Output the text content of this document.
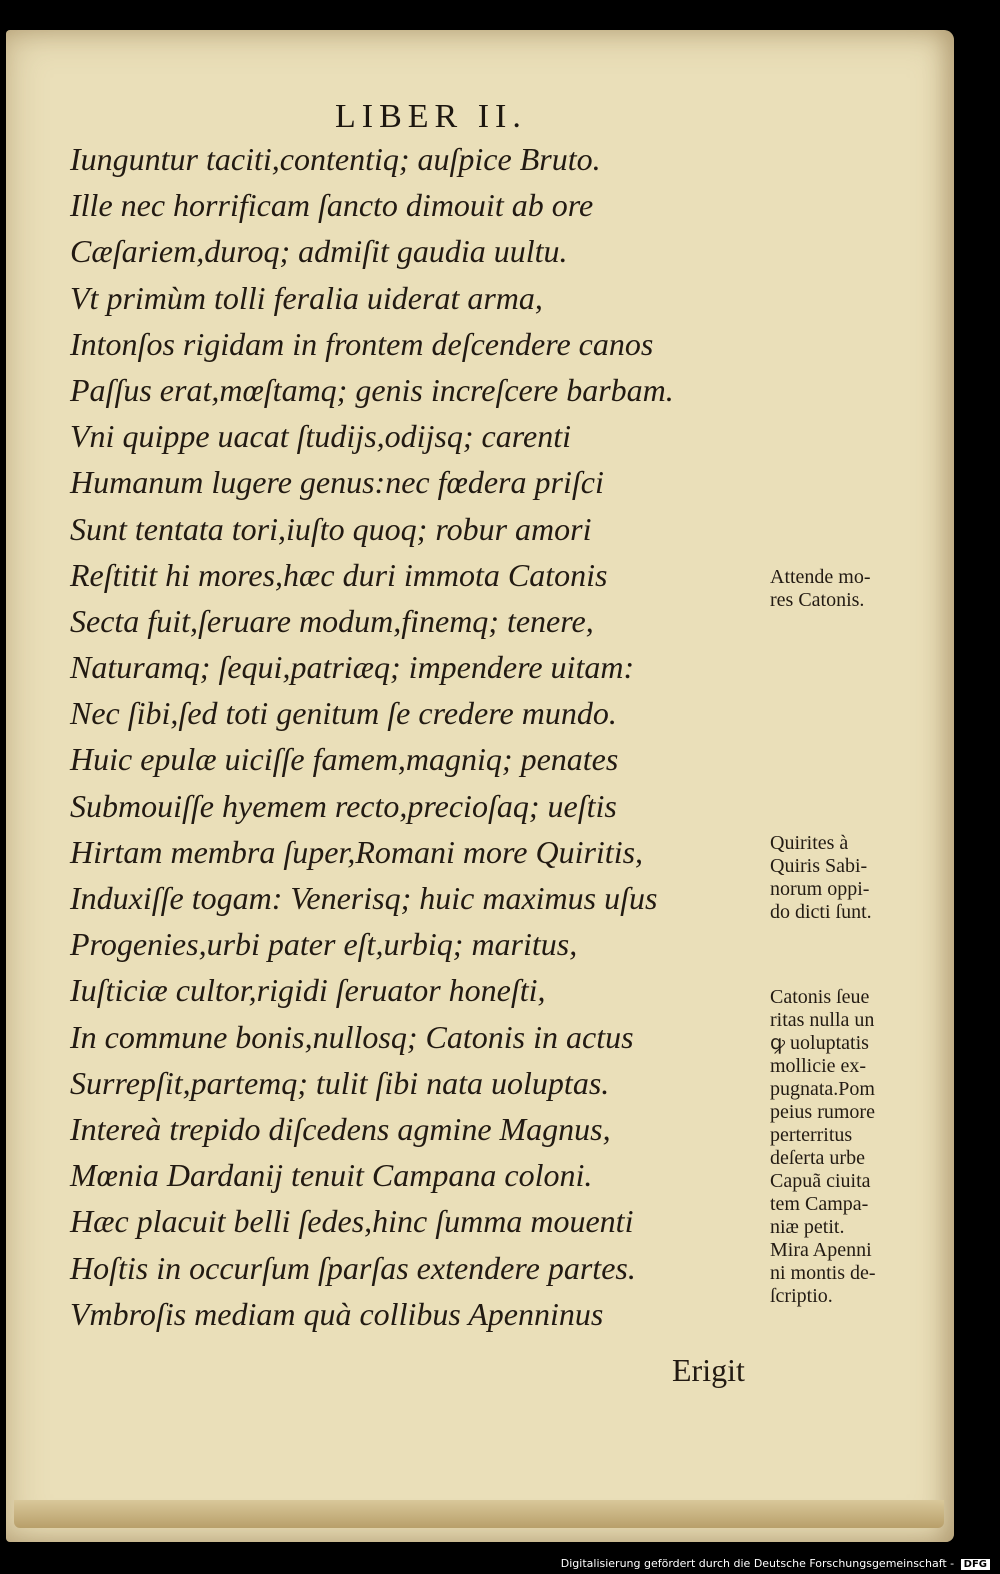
LIBER II.
Iunguntur taciti,contentiq; auſpice Bruto.
Ille nec horrificam ſancto dimouit ab ore
Cæſariem,duroq; admiſit gaudia uultu.
Vt primùm tolli feralia uiderat arma,
Intonſos rigidam in frontem deſcendere canos
Paſſus erat,mœſtamq; genis increſcere barbam.
Vni quippe uacat ſtudijs,odijsq; carenti
Humanum lugere genus:nec fœdera priſci
Sunt tentata tori,iuſto quoq; robur amori
Reſtitit hi mores,hæc duri immota Catonis
Secta fuit,ſeruare modum,finemq; tenere,
Naturamq; ſequi,patriæq; impendere uitam:
Nec ſibi,ſed toti genitum ſe credere mundo.
Huic epulæ uiciſſe famem,magniq; penates
Submouiſſe hyemem recto,precioſaq; ueſtis
Hirtam membra ſuper,Romani more Quiritis,
Induxiſſe togam: Venerisq; huic maximus uſus
Progenies,urbi pater eſt,urbiq; maritus,
Iuſticiæ cultor,rigidi ſeruator honeſti,
In commune bonis,nullosq; Catonis in actus
Surrepſit,partemq; tulit ſibi nata uoluptas.
Intereà trepido diſcedens agmine Magnus,
Mœnia Dardanij tenuit Campana coloni.
Hæc placuit belli ſedes,hinc ſumma mouenti
Hoſtis in occurſum ſparſas extendere partes.
Vmbroſis mediam quà collibus Apenninus
Attende mo-
res Catonis.
Quirites à
Quiris Sabi-
norum oppi-
do dicti ſunt.
Catonis ſeue
ritas nulla un
ꝙ uoluptatis
mollicie ex-
pugnata.Pom
peius rumore
perterritus
deſerta urbe
Capuã ciuita
tem Campa-
niæ petit.
Mira Apenni
ni montis de-
ſcriptio.
Erigit
Digitalisierung gefördert durch die Deutsche Forschungsgemeinschaft - DFG
